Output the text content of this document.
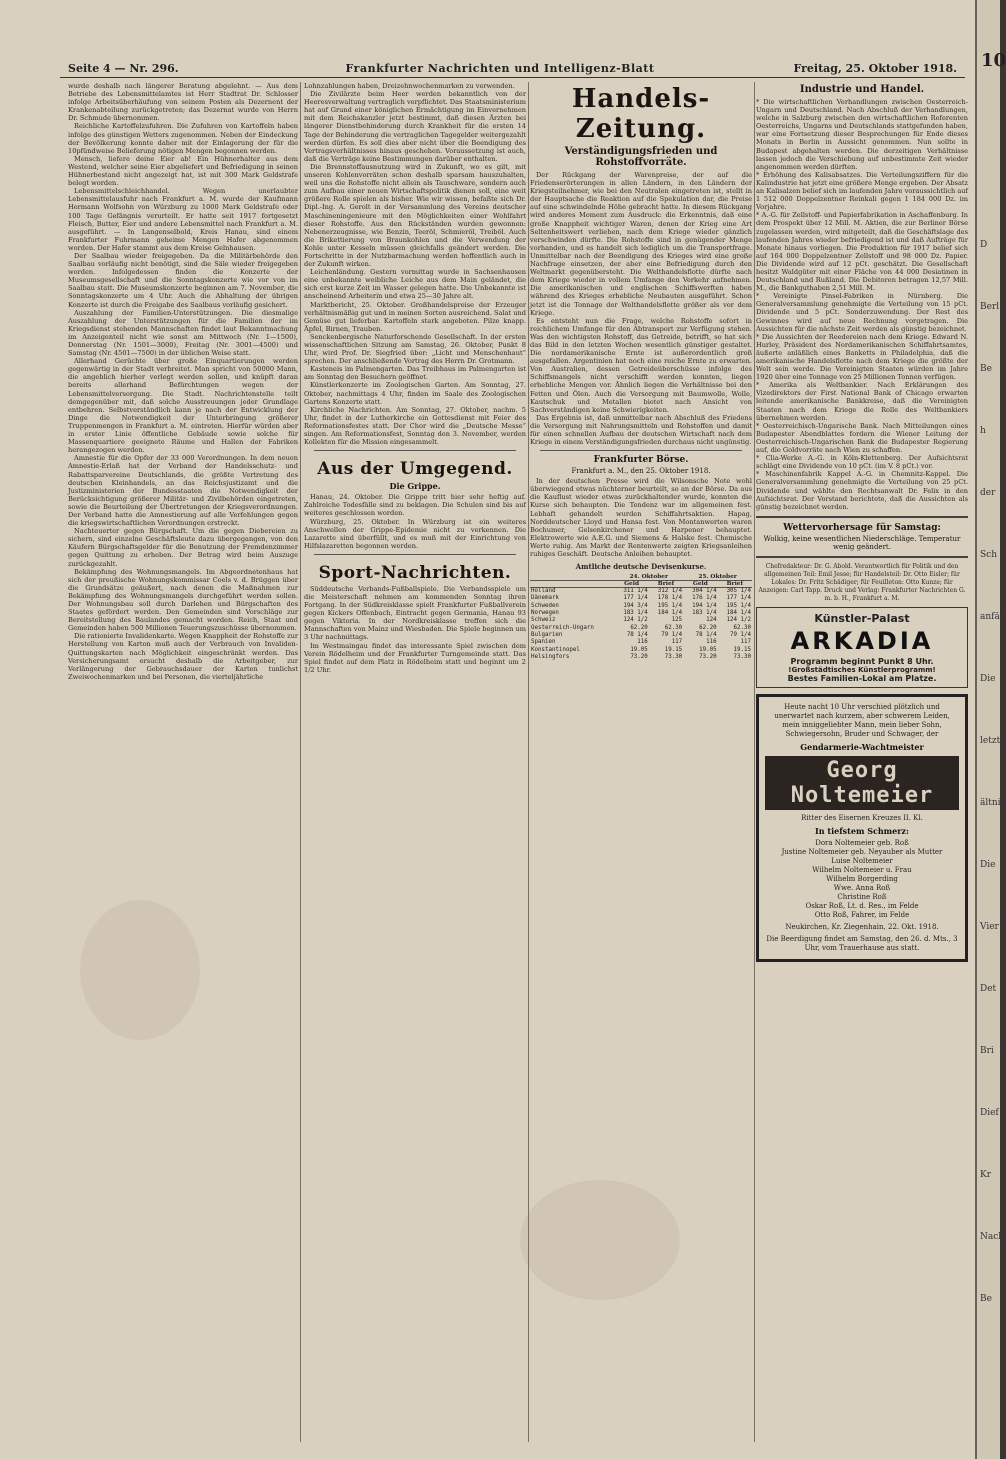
Seite 4 — Nr. 296.	Frankfurter Nachrichten und Intelligenz-Blatt	Freitag, 25. Oktober 1918.

wurde deshalb nach längerer Beratung abgelehnt. — Aus dem Betriebe des Lebensmittelamtes ist Herr Stadtrat Dr. Schlosser infolge Arbeitsüberhäufung von seinem Posten als Dezernent der Krankenabteilung zurückgetreten; das Dezernat wurde von Herrn Dr. Schmude übernommen.

Reichliche Kartoffelzufuhren. Die Zufuhren von Kartoffeln haben infolge des günstigen Wetters zugenommen. Neben der Eindeckung der Bevölkerung konnte daher mit der Einlagerung der für die 10pfündweise Belieferung nötigen Mengen begonnen werden.

Mensch, liefere deine Eier ab! Ein Hühnerhalter aus dem Westend, welcher seine Eier abgeliefert und Befriedigung in seinen Hühnerbestand nicht angezeigt hat, ist mit 300 Mark Geldstrafe belegt worden.

Lebensmittelschleichhandel. Wegen unerlaubter Lebensmittelausfuhr nach Frankfurt a. M. wurde der Kaufmann Hermann Wolfsohn von Würzburg zu 1000 Mark Geldstrafe oder 100 Tage Gefängnis verurteilt. Er hatte seit 1917 fortgesetzt Fleisch, Butter, Eier und andere Lebensmittel nach Frankfurt a. M. ausgeführt. — In Langenselbold, Kreis Hanau, sind einem Frankfurter Fuhrmann geheime Mengen Hafer abgenommen worden. Der Hafer stammt aus dem Kreise Gelnhausen.

Der Saalbau wieder freigegeben. Da die Militärbehörde den Saalbau vorläufig nicht benötigt, sind die Säle wieder freigegeben worden. Infolgedessen finden die Konzerte der Museumsgesellschaft und die Sonntagskonzerte wie vor von im Saalbau statt. Die Museumskonzerte beginnen am 7. November, die Sonntagskonzerte um 4 Uhr. Auch die Abhaltung der übrigen Konzerte ist durch die Freigabe des Saalbaus vorläufig gesichert.

Auszahlung der Familien-Unterstützungen. Die diesmalige Auszahlung der Unterstützungen für die Familien der im Kriegsdienst stehenden Mannschaften findet laut Bekanntmachung im Anzeigenteil nicht wie sonst am Mittwoch (Nr. 1—1500), Donnerstag (Nr. 1501—3000), Freitag (Nr. 3001—4500) und Samstag (Nr. 4501—7500) in der üblichen Weise statt.

Allerhand Gerüchte über große Einquartierungen werden gegenwärtig in der Stadt verbreitet. Man spricht von 50000 Mann, die angeblich hierher verlegt werden sollen, und knüpft daran bereits allerhand Befürchtungen wegen der Lebensmittelversorgung. Die Stadt. Nachrichtenstelle teilt demgegenüber mit, daß solche Ausstreuungen jeder Grundlage entbehren. Selbstverständlich kann je nach der Entwicklung der Dinge die Notwendigkeit der Unterbringung größerer Truppenmengen in Frankfurt a. M. eintreten. Hierfür würden aber in erster Linie öffentliche Gebäude sowie solche für Massenquartiere geeignete Räume und Hallen der Fabriken herangezogen werden.

Amnestie für die Opfer der 33 000 Verordnungen. In dem neuen Amnestie-Erlaß hat der Verband der Handelsschutz- und Rabattsparvereine Deutschlands, die größte Vertretung des deutschen Kleinhandels, an das Reichsjustizamt und die Justizministerien der Bundesstaaten die Notwendigkeit der Berücksichtigung größerer Militär- und Zivilbehörden eingetreten, sowie die Beurteilung der Übertretungen der Kriegsverordnungen. Der Verband hatte die Amnestierung auf alle Verfehlungen gegen die kriegswirtschaftlichen Verordnungen erstreckt.

Nachteuerter gegen Bürgschaft. Um die gegen Diebereien zu sichern, sind einzelne Geschäftsleute dazu übergegangen, von den Käufern Bürgschaftsgelder für die Benutzung der Fremdenzimmer gegen Quittung zu erheben. Der Betrag wird beim Auszuge zurückgezahlt.

Bekämpfung des Wohnungsmangels. Im Abgeordnetenhaus hat sich der preußische Wohnungskommissar Coels v. d. Brüggen über die Grundsätze geäußert, nach denen die Maßnahmen zur Bekämpfung des Wohnungsmangels durchgeführt werden sollen. Der Wohnungsbau soll durch Darlehen und Bürgschaften des Staates gefördert werden. Den Gemeinden sind Vorschläge zur Bereitstellung des Baulandes gemacht worden. Reich, Staat und Gemeinden haben 500 Millionen Teuerungszuschüsse übernommen.

Die rationierte Invalidenkarte. Wegen Knappheit der Rohstoffe zur Herstellung von Karton muß auch der Verbrauch von Invaliden-Quittungskarten nach Möglichkeit eingeschränkt werden. Das Versicherungsamt ersucht deshalb die Arbeitgeber, zur Verlängerung der Gebrauchsdauer der Karten tunlichst Zweiwochenmarken und bei Personen, die vierteljährliche

Lohnzahlungen haben, Dreizehnwochenmarken zu verwenden.

Die Zivilärzte beim Heer werden bekanntlich von der Heeresverwaltung vertraglich verpflichtet. Das Staatsministerium hat auf Grund einer königlichen Ermächtigung im Einvernehmen mit dem Reichskanzler jetzt bestimmt, daß diesen Ärzten bei längerer Dienstbehinderung durch Krankheit für die ersten 14 Tage der Behinderung die vertraglichen Tagegelder weitergezahlt werden dürfen. Es soll dies aber nicht über die Beendigung des Vertragsverhältnisses hinaus geschehen. Voraussetzung ist auch, daß die Verträge keine Bestimmungen darüber enthalten.

Die Brennstoffausnutzung wird in Zukunft, wo es gilt, mit unseren Kohlenvorräten schon deshalb sparsam hauszuhalten, weil uns die Rohstoffe nicht allein als Tauschware, sondern auch zum Aufbau einer neuen Wirtschaftspolitik dienen soll, eine weit größere Rolle spielen als bisher. Wie wir wissen, befaßte sich Dr. Dipl.-Ing. A. Gerolt in der Versammlung des Vereins deutscher Maschineningenieure mit den Möglichkeiten einer Wohlfahrt dieser Rohstoffe. Aus den Rückständen wurden gewonnen: Nebenerzeugnisse, wie Benzin, Teeröl, Schmieröl, Treiböl. Auch die Brikettierung von Braunkohlen und die Verwendung der Kohle unter Kesseln müssen gleichfalls geändert werden. Die Fortschritte in der Nutzbarmachung werden hoffentlich auch in der Zukunft wirken.

Leichenländung. Gestern vormittag wurde in Sachsenhausen eine unbekannte weibliche Leiche aus dem Main geländet, die sich erst kurze Zeit im Wasser gelegen hatte. Die Unbekannte ist anscheinend Arbeiterin und etwa 25—30 Jahre alt.

Marktbericht, 25. Oktober. Großhandelspreise der Erzeuger verhältnismäßig gut und in meinen Sorten ausreichend. Salat und Gemüse gut lieferbar. Kartoffeln stark angeboten. Pilze knapp. Äpfel, Birnen, Trauben.

Senckenbergische Naturforschende Gesellschaft. In der ersten wissenschaftlichen Sitzung am Samstag, 26. Oktober, Punkt 8 Uhr, wird Prof. Dr. Siegfried über: „Licht und Menschenhaut“ sprechen. Der anschließende Vortrag des Herrn Dr. Grotmann.

Kasteneis im Palmengarten. Das Treibhaus im Palmengarten ist am Sonntag den Besuchern geöffnet.

Künstlerkonzerte im Zoologischen Garten. Am Sonntag, 27. Oktober, nachmittags 4 Uhr, finden im Saale des Zoologischen Gartens Konzerte statt.

Kirchliche Nachrichten. Am Sonntag, 27. Oktober, nachm. 5 Uhr, findet in der Lutherkirche ein Gottesdienst mit Feier des Reformationsfestes statt. Der Chor wird die „Deutsche Messe“ singen. Am Reformationsfest, Sonntag den 3. November, werden Kollekten für die Mission eingesammelt.

Aus der Umgegend.
Die Grippe.

Hanau, 24. Oktober. Die Grippe tritt hier sehr heftig auf. Zahlreiche Todesfälle sind zu beklagen. Die Schulen sind bis auf weiteres geschlossen worden.

Würzburg, 25. Oktober. In Würzburg ist ein weiteres Anschwellen der Grippe-Epidemie nicht zu verkennen. Die Lazarette sind überfüllt, und es muß mit der Einrichtung von Hilfslazaretten begonnen werden.

Sport-Nachrichten.

Süddeutsche Verbands-Fußballspiele. Die Verbandsspiele um die Meisterschaft nehmen am kommenden Sonntag ihren Fortgang. In der Südkreisklasse spielt Frankfurter Fußballverein gegen Kickers Offenbach, Eintracht gegen Germania, Hanau 93 gegen Viktoria. In der Nordkreisklasse treffen sich die Mannschaften von Mainz und Wiesbaden. Die Spiele beginnen um 3 Uhr nachmittags.

Im Westmaingau findet das interessante Spiel zwischen dem Verein Rödelheim und der Frankfurter Turngemeinde statt. Das Spiel findet auf dem Platz in Rödelheim statt und beginnt um 2 1/2 Uhr.

Handels-Zeitung.
Verständigungsfrieden und Rohstoffvorräte.

Der Rückgang der Warenpreise, der auf die Friedenserörterungen in allen Ländern, in den Ländern der Kriegsteilnehmer, wie bei den Neutralen eingetreten ist, stellt in der Hauptsache die Reaktion auf die Spekulation dar, die Preise auf eine schwindelnde Höhe gebracht hatte. In diesem Rückgang wird anderes Moment zum Ausdruck: die Erkenntnis, daß eine große Knappheit wichtiger Waren, denen der Krieg eine Art Seltenheitswert verliehen, nach dem Kriege wieder gänzlich verschwinden dürfte. Die Rohstoffe sind in genügender Menge vorhanden, und es handelt sich lediglich um die Transportfrage. Unmittelbar nach der Beendigung des Krieges wird eine große Nachfrage einsetzen, der aber eine Befriedigung durch den Weltmarkt gegenübersteht. Die Welthandelsflotte dürfte nach dem Kriege wieder in vollem Umfange den Verkehr aufnehmen. Die amerikanischen und englischen Schiffswerften haben während des Krieges erhebliche Neubauten ausgeführt. Schon jetzt ist die Tonnage der Welthandelsflotte größer als vor dem Kriege.

Es entsteht nun die Frage, welche Rohstoffe sofort in reichlichem Umfange für den Abtransport zur Verfügung stehen. Was den wichtigsten Rohstoff, das Getreide, betrifft, so hat sich das Bild in den letzten Wochen wesentlich günstiger gestaltet. Die nordamerikanische Ernte ist außerordentlich groß ausgefallen. Argentinien hat noch eine reiche Ernte zu erwarten. Von Australien, dessen Getreideüberschüsse infolge des Schiffsmangels nicht verschifft werden konnten, liegen erhebliche Mengen vor. Ähnlich liegen die Verhältnisse bei den Fetten und Ölen. Auch die Versorgung mit Baumwolle, Wolle, Kautschuk und Metallen bietet nach Ansicht von Sachverständigen keine Schwierigkeiten.

Das Ergebnis ist, daß unmittelbar nach Abschluß des Friedens die Versorgung mit Nahrungsmitteln und Rohstoffen und damit für einen schnellen Aufbau der deutschen Wirtschaft nach dem Kriege in einem Verständigungsfrieden durchaus nicht ungünstig.

Frankfurter Börse.
Frankfurt a. M., den 25. Oktober 1918.

In der deutschen Presse wird die Wilsonsche Note wohl überwiegend etwas nüchterner beurteilt, so an der Börse. Da aus die Kauflust wieder etwas zurückhaltender wurde, konnten die Kurse sich behaupten. Die Tendenz war im allgemeinen fest. Lebhaft gehandelt wurden Schiffahrtsaktien. Hapag, Norddeutscher Lloyd und Hansa fest. Von Montanwerten waren Bochumer, Gelsenkirchener und Harpener behauptet. Elektrowerte wie A.E.G. und Siemens & Halske fest. Chemische Werte ruhig. Am Markt der Rentenwerte zeigten Kriegsanleihen ruhiges Geschäft. Deutsche Anleihen behauptet.

Amtliche deutsche Devisenkurse.
	24. Oktober		25. Oktober	
	Geld	Brief	Geld	Brief
Holland	311 1/4	312 1/4	304 1/4	305 1/4
Dänemark	177 1/4	178 1/4	176 1/4	177 1/4
Schweden	194 3/4	195 1/4	194 1/4	195 1/4
Norwegen	183 1/4	184 1/4	183 1/4	184 1/4
Schweiz	124 1/2	125	124	124 1/2
Oesterreich-Ungarn	62.20	62.30	62.20	62.30
Bulgarien	78 1/4	79 1/4	78 1/4	79 1/4
Spanien	116	117	116	117
Konstantinopel	19.05	19.15	19.05	19.15
Helsingfors	73.20	73.30	73.20	73.30
Industrie und Handel.

* Die wirtschaftlichen Verhandlungen zwischen Oesterreich-Ungarn und Deutschland. Nach Abschluß der Verhandlungen, welche in Salzburg zwischen den wirtschaftlichen Referenten Oesterreichs, Ungarns und Deutschlands stattgefunden haben, war eine Fortsetzung dieser Besprechungen für Ende dieses Monats in Berlin in Aussicht genommen. Nun sollte in Budapest abgehalten werden. Die derzeitigen Verhältnisse lassen jedoch die Verschiebung auf unbestimmte Zeit wieder angenommen werden dürften.

* Erhöhung des Kalisabsatzes. Die Verteilungsziffern für die Kalindustrie hat jetzt eine größere Menge ergeben. Der Absatz an Kalisalzen belief sich im laufenden Jahre voraussichtlich auf 1 512 000 Doppelzentner Reinkali gegen 1 184 000 Dz. im Vorjahre.

* A.-G. für Zellstoff- und Papierfabrikation in Aschaffenburg. In dem Prospekt über 12 Mill. M. Aktien, die zur Berliner Börse zugelassen werden, wird mitgeteilt, daß die Geschäftslage des laufenden Jahres wieder befriedigend ist und daß Aufträge für Monate hinaus vorliegen. Die Produktion für 1917 belief sich auf 164 000 Doppelzentner Zellstoff und 98 000 Dz. Papier. Die Dividende wird auf 12 pCt. geschätzt. Die Gesellschaft besitzt Waldgüter mit einer Fläche von 44 000 Desiatinen in Deutschland und Rußland. Die Debitoren betragen 12,57 Mill. M., die Bankguthaben 2,51 Mill. M.

* Vereinigte Pinsel-Fabriken in Nürnberg. Die Generalversammlung genehmigte die Verteilung von 15 pCt. Dividende und 5 pCt. Sonderzuwendung. Der Rest des Gewinnes wird auf neue Rechnung vorgetragen. Die Aussichten für die nächste Zeit werden als günstig bezeichnet.

* Die Aussichten der Reedereien nach dem Kriege. Edward N. Hurley, Präsident des Nordamerikanischen Schiffahrtsamtes, äußerte anläßlich eines Banketts in Philadelphia, daß die amerikanische Handelsflotte nach dem Kriege die größte der Welt sein werde. Die Vereinigten Staaten würden im Jahre 1920 über eine Tonnage von 25 Millionen Tonnen verfügen.

* Amerika als Weltbankier. Nach Erklärungen des Vizedirektors der First National Bank of Chicago erwarten leitende amerikanische Bankkreise, daß die Vereinigten Staaten nach dem Kriege die Rolle des Weltbankiers übernehmen werden.

* Oesterreichisch-Ungarische Bank. Nach Mitteilungen eines Budapester Abendblattes fordern die Wiener Leitung der Oesterreichisch-Ungarischen Bank die Budapester Regierung auf, die Goldvorräte nach Wien zu schaffen.

* Clia-Werke A.-G. in Köln-Klettenberg. Der Aufsichtsrat schlägt eine Dividende von 10 pCt. (im V. 8 pCt.) vor.

* Maschinenfabrik Kappel A.-G. in Chemnitz-Kappel. Die Generalversammlung genehmigte die Verteilung von 25 pCt. Dividende und wählte den Rechtsanwalt Dr. Felix in den Aufsichtsrat. Der Vorstand berichtete, daß die Aussichten als günstig bezeichnet werden.

Wettervorhersage für Samstag:
Wolkig, keine wesentlichen Niederschläge. Temperatur wenig geändert.

Chefredakteur: Dr. G. Abold. Verantwortlich für Politik und den allgemeinen Teil: Emil Jesse; für Handelsteil: Dr. Otto Eisler; für Lokales: Dr. Fritz Schädiger; für Feuilleton: Otto Kunze; für Anzeigen: Carl Tapp. Druck und Verlag: Frankfurter Nachrichten G. m. b. H., Frankfurt a. M.

Künstler-Palast
ARKADIA
Programm beginnt Punkt 8 Uhr.
!Großstädtisches Künstlerprogramm!
Bestes Familien-Lokal am Platze.
Heute nacht 10 Uhr verschied plötzlich und unerwartet nach kurzem, aber schwerem Leiden, mein inniggeliebter Mann, mein lieber Sohn, Schwiegersohn, Bruder und Schwager, der
Gendarmerie-Wachtmeister
Georg Noltemeier
Ritter des Eisernen Kreuzes II. Kl.
In tiefstem Schmerz:
Dora Noltemeier geb. Roß
Justine Noltemeier geb. Neyauber als Mutter
Luise Noltemeier
Wilhelm Noltemeier u. Frau
Wilhelm Borgerding
Wwe. Anna Roß
Christine Roß
Oskar Roß, Lt. d. Res., im Felde
Otto Roß, Fahrer, im Felde
Neukirchen, Kr. Ziegenhain, 22. Okt. 1918.
Die Beerdigung findet am Samstag, den 26. d. Mts., 3 Uhr, vom Trauerhause aus statt.
10
D
Berl
Be
h
der
Sch
anfäl
Die
letzt
ältni
Die
Vier
Det
Bri
Dief
Kr
Nach
Be
